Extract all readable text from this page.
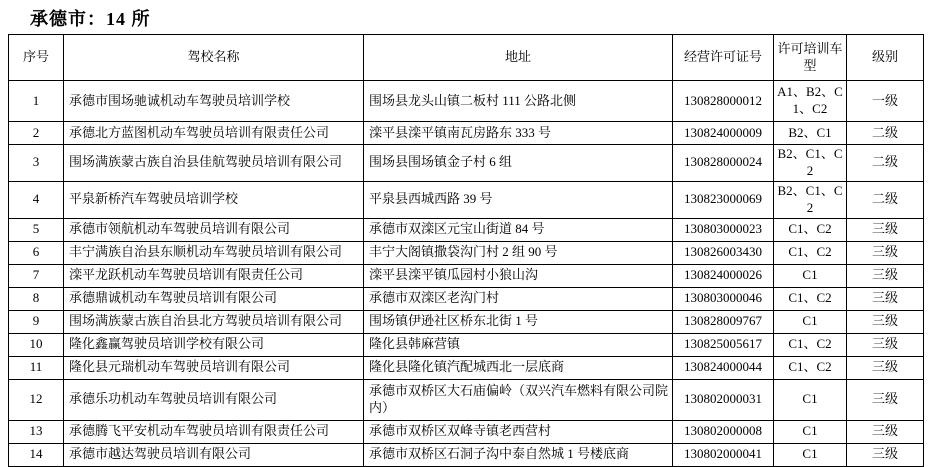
承德市：14 所
序号	驾校名称	地址	经营许可证号	许可培训车型	级别
1	承德市围场驰诚机动车驾驶员培训学校	围场县龙头山镇二板村 111 公路北侧	130828000012	A1、B2、C1、C2	一级
2	承德北方蓝图机动车驾驶员培训有限责任公司	滦平县滦平镇南瓦房路东 333 号	130824000009	B2、C1	二级
3	围场满族蒙古族自治县佳航驾驶员培训有限公司	围场县围场镇金子村 6 组	130828000024	B2、C1、C2	二级
4	平泉新桥汽车驾驶员培训学校	平泉县西城西路 39 号	130823000069	B2、C1、C2	二级
5	承德市领航机动车驾驶员培训有限公司	承德市双滦区元宝山街道 84 号	130803000023	C1、C2	三级
6	丰宁满族自治县东顺机动车驾驶员培训有限公司	丰宁大阁镇撒袋沟门村 2 组 90 号	130826003430	C1、C2	三级
7	滦平龙跃机动车驾驶员培训有限责任公司	滦平县滦平镇瓜园村小狼山沟	130824000026	C1	三级
8	承德鼎诚机动车驾驶员培训有限公司	承德市双滦区老沟门村	130803000046	C1、C2	三级
9	围场满族蒙古族自治县北方驾驶员培训有限公司	围场镇伊逊社区桥东北街 1 号	130828009767	C1	三级
10	隆化鑫赢驾驶员培训学校有限公司	隆化县韩麻营镇	130825005617	C1、C2	三级
11	隆化县元瑞机动车驾驶员培训有限公司	隆化县隆化镇汽配城西北一层底商	130824000044	C1、C2	三级
12	承德乐功机动车驾驶员培训有限公司	承德市双桥区大石庙偏岭（双兴汽车燃料有限公司院内）	130802000031	C1	三级
13	承德腾飞平安机动车驾驶员培训有限责任公司	承德市双桥区双峰寺镇老西营村	130802000008	C1	三级
14	承德市越达驾驶员培训有限公司	承德市双桥区石洞子沟中泰自然城 1 号楼底商	130802000041	C1	三级
